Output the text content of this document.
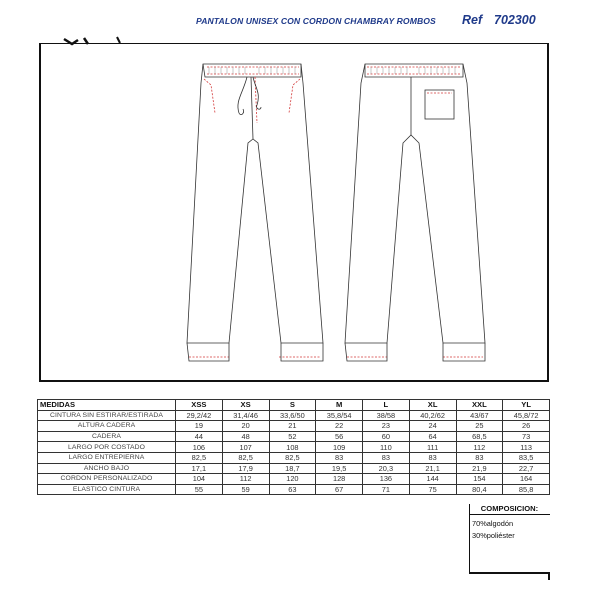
PANTALON UNISEX CON CORDON CHAMBRAY ROMBOS Ref 702300
MEDIDAS	XSS	XS	S	M	L	XL	XXL	YL
CINTURA SIN ESTIRAR/ESTIRADA	29,2/42	31,4/46	33,6/50	35,8/54	38/58	40,2/62	43/67	45,8/72
ALTURA CADERA	19	20	21	22	23	24	25	26
CADERA	44	48	52	56	60	64	68,5	73
LARGO POR COSTADO	106	107	108	109	110	111	112	113
LARGO ENTREPIERNA	82,5	82,5	82,5	83	83	83	83	83,5
ANCHO BAJO	17,1	17,9	18,7	19,5	20,3	21,1	21,9	22,7
CORDON PERSONALIZADO	104	112	120	128	136	144	154	164
ELASTICO CINTURA	55	59	63	67	71	75	80,4	85,8
COMPOSICION:
70%algodón
30%poliéster
